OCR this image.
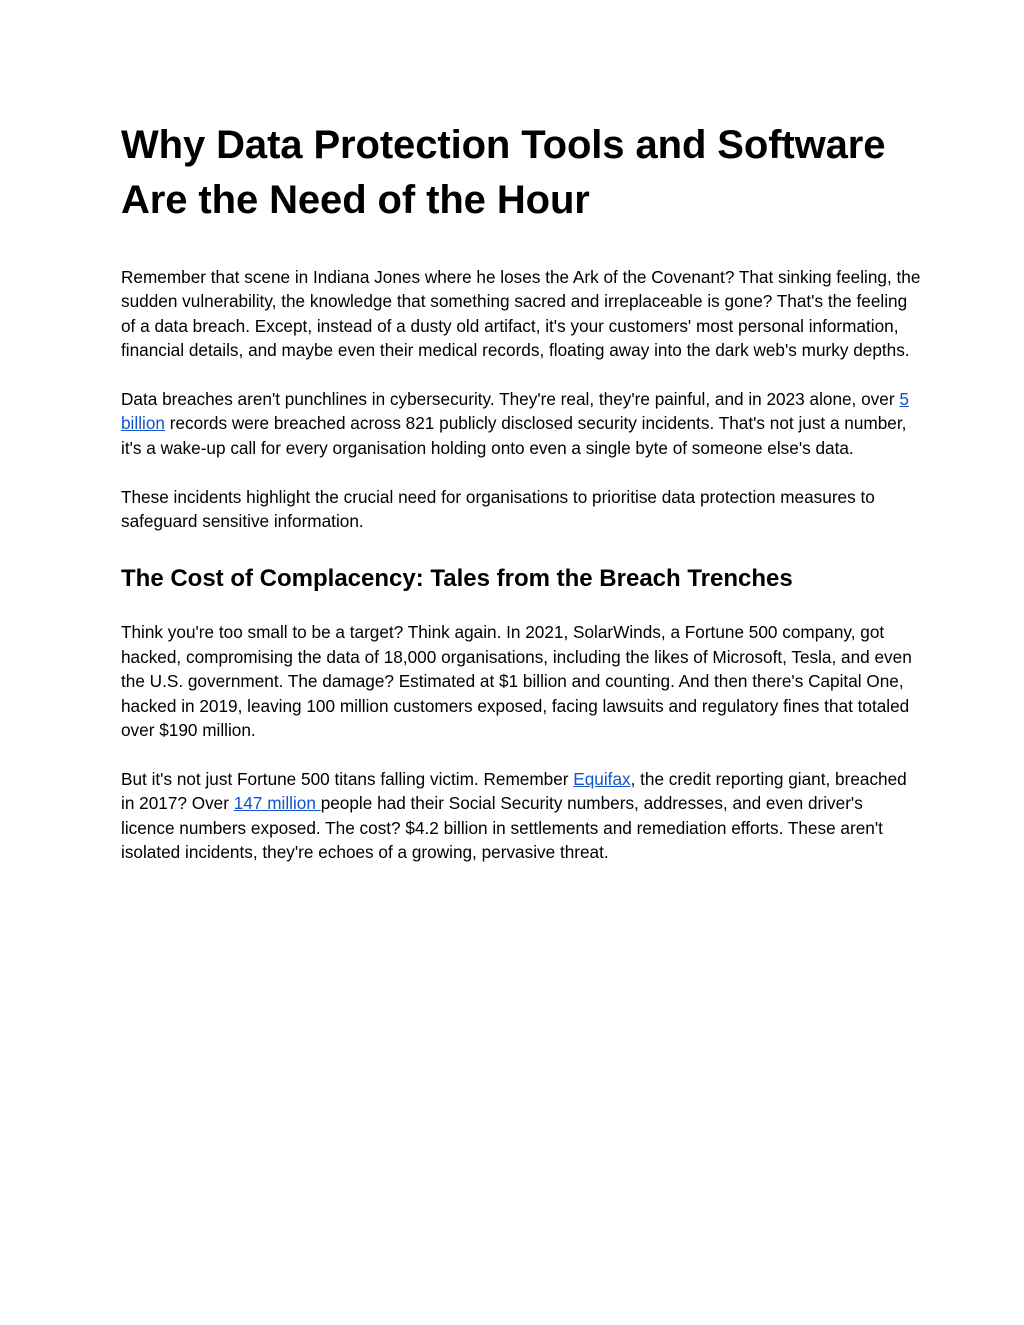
Why Data Protection Tools and Software Are the Need of the Hour

Remember that scene in Indiana Jones where he loses the Ark of the Covenant? That sinking feeling, the sudden vulnerability, the knowledge that something sacred and irreplaceable is gone? That's the feeling of a data breach. Except, instead of a dusty old artifact, it's your customers' most personal information, financial details, and maybe even their medical records, floating away into the dark web's murky depths.

Data breaches aren't punchlines in cybersecurity. They're real, they're painful, and in 2023 alone, over 5 billion records were breached across 821 publicly disclosed security incidents. That's not just a number, it's a wake-up call for every organisation holding onto even a single byte of someone else's data.

These incidents highlight the crucial need for organisations to prioritise data protection measures to safeguard sensitive information.

The Cost of Complacency: Tales from the Breach Trenches

Think you're too small to be a target? Think again. In 2021, SolarWinds, a Fortune 500 company, got hacked, compromising the data of 18,000 organisations, including the likes of Microsoft, Tesla, and even the U.S. government. The damage? Estimated at $1 billion and counting. And then there's Capital One, hacked in 2019, leaving 100 million customers exposed, facing lawsuits and regulatory fines that totaled over $190 million.

But it's not just Fortune 500 titans falling victim. Remember Equifax, the credit reporting giant, breached in 2017? Over 147 million people had their Social Security numbers, addresses, and even driver's licence numbers exposed. The cost? $4.2 billion in settlements and remediation efforts. These aren't isolated incidents, they're echoes of a growing, pervasive threat.
